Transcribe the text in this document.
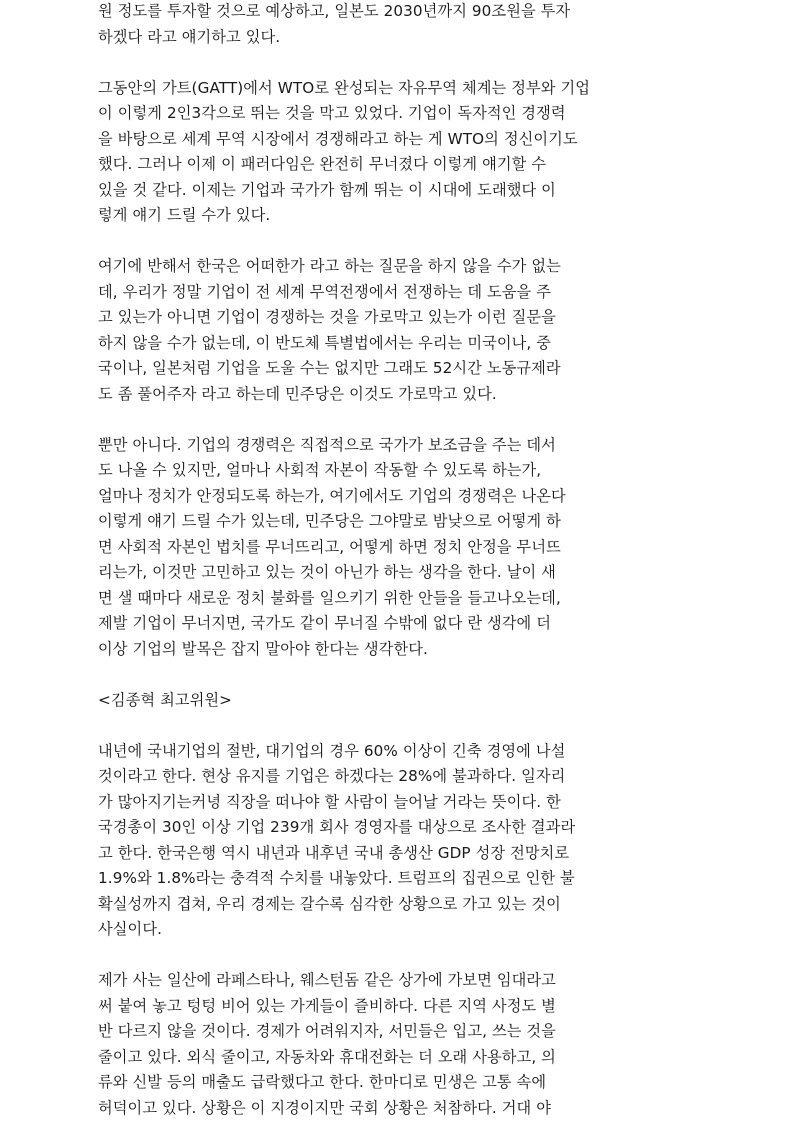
원 정도를 투자할 것으로 예상하고, 일본도 2030년까지 90조원을 투자
하겠다 라고 얘기하고 있다.
그동안의 가트(GATT)에서 WTO로 완성되는 자유무역 체계는 정부와 기업
이 이렇게 2인3각으로 뛰는 것을 막고 있었다. 기업이 독자적인 경쟁력
을 바탕으로 세계 무역 시장에서 경쟁해라고 하는 게 WTO의 정신이기도
했다. 그러나 이제 이 패러다임은 완전히 무너졌다 이렇게 얘기할 수
있을 것 같다. 이제는 기업과 국가가 함께 뛰는 이 시대에 도래했다 이
렇게 얘기 드릴 수가 있다.
여기에 반해서 한국은 어떠한가 라고 하는 질문을 하지 않을 수가 없는
데, 우리가 정말 기업이 전 세계 무역전쟁에서 전쟁하는 데 도움을 주
고 있는가 아니면 기업이 경쟁하는 것을 가로막고 있는가 이런 질문을
하지 않을 수가 없는데, 이 반도체 특별법에서는 우리는 미국이나, 중
국이나, 일본처럼 기업을 도울 수는 없지만 그래도 52시간 노동규제라
도 좀 풀어주자 라고 하는데 민주당은 이것도 가로막고 있다.
뿐만 아니다. 기업의 경쟁력은 직접적으로 국가가 보조금을 주는 데서
도 나올 수 있지만, 얼마나 사회적 자본이 작동할 수 있도록 하는가,
얼마나 정치가 안정되도록 하는가, 여기에서도 기업의 경쟁력은 나온다
이렇게 얘기 드릴 수가 있는데, 민주당은 그야말로 밤낮으로 어떻게 하
면 사회적 자본인 법치를 무너뜨리고, 어떻게 하면 정치 안정을 무너뜨
리는가, 이것만 고민하고 있는 것이 아닌가 하는 생각을 한다. 날이 새
면 샐 때마다 새로운 정치 불화를 일으키기 위한 안들을 들고나오는데,
제발 기업이 무너지면, 국가도 같이 무너질 수밖에 없다 란 생각에 더
이상 기업의 발목은 잡지 말아야 한다는 생각한다.
<김종혁 최고위원>
내년에 국내기업의 절반, 대기업의 경우 60% 이상이 긴축 경영에 나설
것이라고 한다. 현상 유지를 기업은 하겠다는 28%에 불과하다. 일자리
가 많아지기는커녕 직장을 떠나야 할 사람이 늘어날 거라는 뜻이다. 한
국경총이 30인 이상 기업 239개 회사 경영자를 대상으로 조사한 결과라
고 한다. 한국은행 역시 내년과 내후년 국내 총생산 GDP 성장 전망치로
1.9%와 1.8%라는 충격적 수치를 내놓았다. 트럼프의 집권으로 인한 불
확실성까지 겹쳐, 우리 경제는 갈수록 심각한 상황으로 가고 있는 것이
사실이다.
제가 사는 일산에 라페스타나, 웨스턴돔 같은 상가에 가보면 임대라고
써 붙여 놓고 텅텅 비어 있는 가게들이 즐비하다. 다른 지역 사정도 별
반 다르지 않을 것이다. 경제가 어려워지자, 서민들은 입고, 쓰는 것을
줄이고 있다. 외식 줄이고, 자동차와 휴대전화는 더 오래 사용하고, 의
류와 신발 등의 매출도 급락했다고 한다. 한마디로 민생은 고통 속에
허덕이고 있다. 상황은 이 지경이지만 국회 상황은 처참하다. 거대 야
